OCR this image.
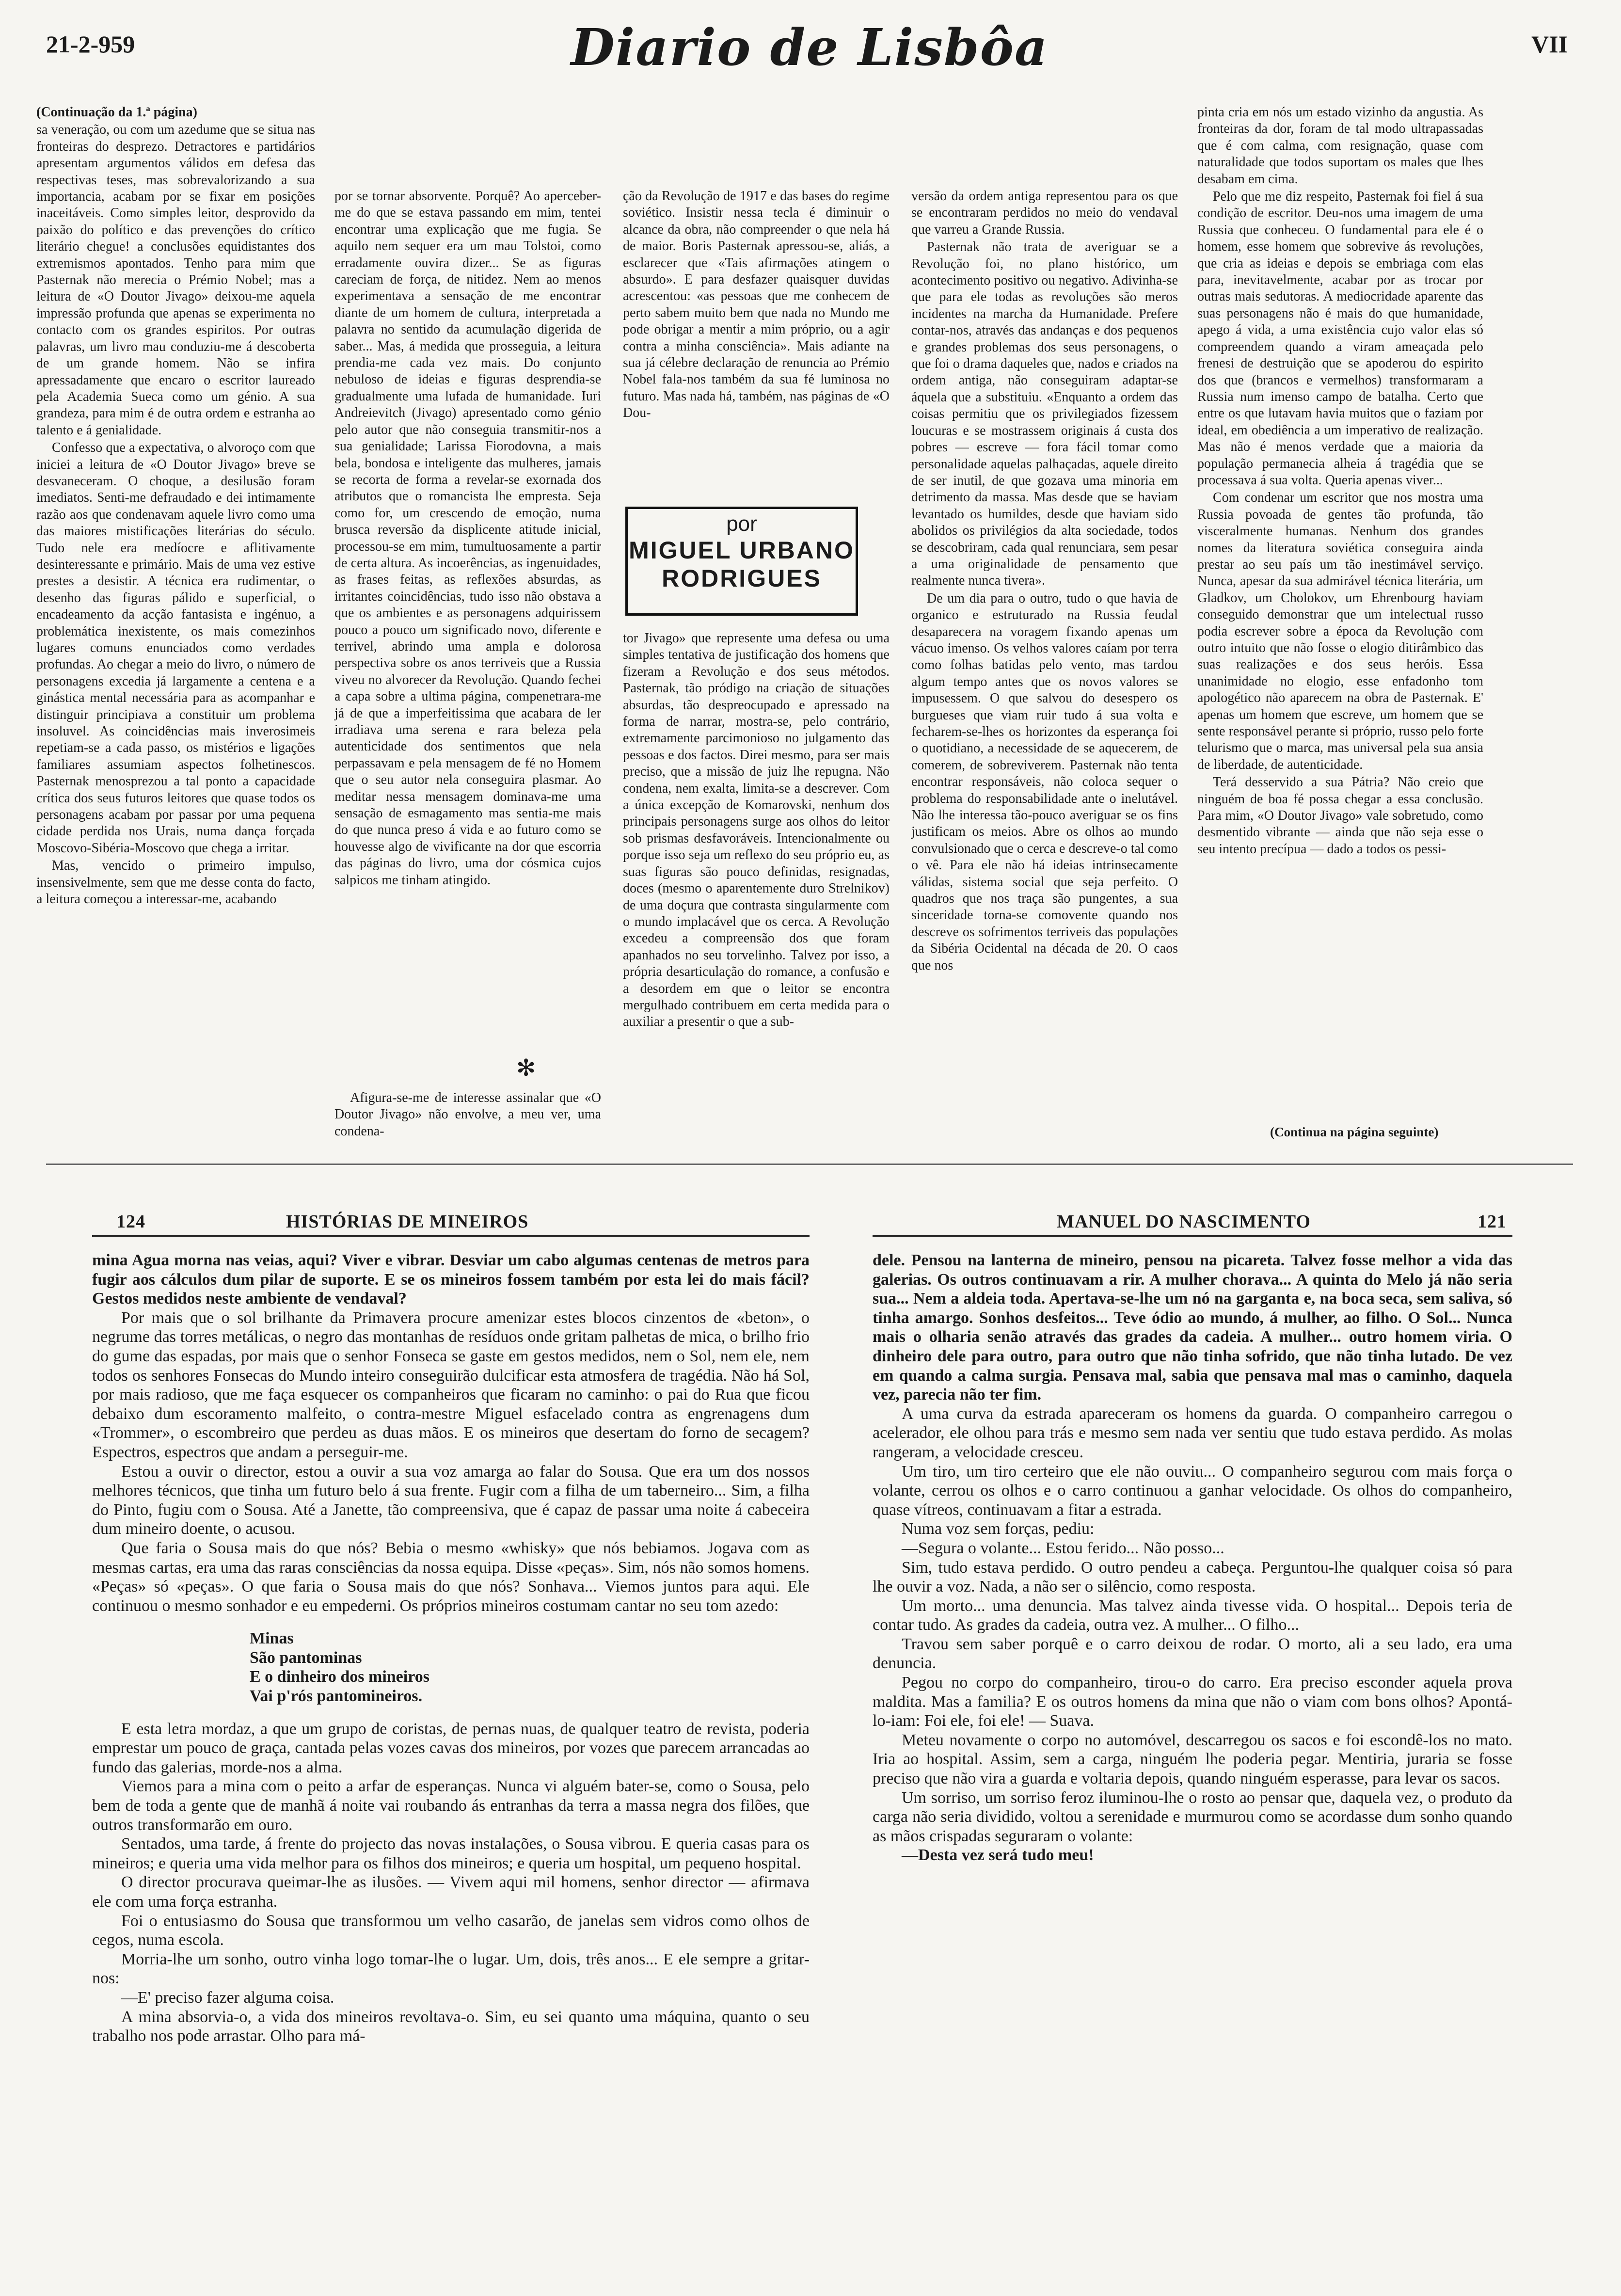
21-2-959	Diario de Lisbôa	VII

(Continuação da 1.ª página)

sa veneração, ou com um azedume que se situa nas fronteiras do desprezo. Detractores e partidários apresentam argumentos válidos em defesa das respectivas teses, mas sobrevalorizando a sua importancia, acabam por se fixar em posições inaceitáveis. Como simples leitor, desprovido da paixão do político e das prevenções do crítico literário chegue! a conclusões equidistantes dos extremismos apontados. Tenho para mim que Pasternak não merecia o Prémio Nobel; mas a leitura de «O Doutor Jivago» deixou-me aquela impressão profunda que apenas se experimenta no contacto com os grandes espiritos. Por outras palavras, um livro mau conduziu-me á descoberta de um grande homem. Não se infira apressadamente que encaro o escritor laureado pela Academia Sueca como um génio. A sua grandeza, para mim é de outra ordem e estranha ao talento e á genialidade.

Confesso que a expectativa, o alvoroço com que iniciei a leitura de «O Doutor Jivago» breve se desvaneceram. O choque, a desilusão foram imediatos. Senti-me defraudado e dei intimamente razão aos que condenavam aquele livro como uma das maiores mistificações literárias do século. Tudo nele era medíocre e aflitivamente desinteressante e primário. Mais de uma vez estive prestes a desistir. A técnica era rudimentar, o desenho das figuras pálido e superficial, o encadeamento da acção fantasista e ingénuo, a problemática inexistente, os mais comezinhos lugares comuns enunciados como verdades profundas. Ao chegar a meio do livro, o número de personagens excedia já largamente a centena e a ginástica mental necessária para as acompanhar e distinguir principiava a constituir um problema insoluvel. As coincidências mais inverosimeis repetiam-se a cada passo, os mistérios e ligações familiares assumiam aspectos folhetinescos. Pasternak menosprezou a tal ponto a capacidade crítica dos seus futuros leitores que quase todos os personagens acabam por passar por uma pequena cidade perdida nos Urais, numa dança forçada Moscovo-Sibéria-Moscovo que chega a irritar.

Mas, vencido o primeiro impulso, insensivelmente, sem que me desse conta do facto, a leitura começou a interessar-me, acabando

por se tornar absorvente. Porquê? Ao aperceber-me do que se estava passando em mim, tentei encontrar uma explicação que me fugia. Se aquilo nem sequer era um mau Tolstoi, como erradamente ouvira dizer... Se as figuras careciam de força, de nitidez. Nem ao menos experimentava a sensação de me encontrar diante de um homem de cultura, interpretada a palavra no sentido da acumulação digerida de saber... Mas, á medida que prosseguia, a leitura prendia-me cada vez mais. Do conjunto nebuloso de ideias e figuras desprendia-se gradualmente uma lufada de humanidade. Iuri Andreievitch (Jivago) apresentado como génio pelo autor que não conseguia transmitir-nos a sua genialidade; Larissa Fiorodovna, a mais bela, bondosa e inteligente das mulheres, jamais se recorta de forma a revelar-se exornada dos atributos que o romancista lhe empresta. Seja como for, um crescendo de emoção, numa brusca reversão da displicente atitude inicial, processou-se em mim, tumultuosamente a partir de certa altura. As incoerências, as ingenuidades, as frases feitas, as reflexões absurdas, as irritantes coincidências, tudo isso não obstava a que os ambientes e as personagens adquirissem pouco a pouco um significado novo, diferente e terrivel, abrindo uma ampla e dolorosa perspectiva sobre os anos terriveis que a Russia viveu no alvorecer da Revolução. Quando fechei a capa sobre a ultima página, compenetrara-me já de que a imperfeitissima que acabara de ler irradiava uma serena e rara beleza pela autenticidade dos sentimentos que nela perpassavam e pela mensagem de fé no Homem que o seu autor nela conseguira plasmar. Ao meditar nessa mensagem dominava-me uma sensação de esmagamento mas sentia-me mais do que nunca preso á vida e ao futuro como se houvesse algo de vivificante na dor que escorria das páginas do livro, uma dor cósmica cujos salpicos me tinham atingido.

✻

Afigura-se-me de interesse assinalar que «O Doutor Jivago» não envolve, a meu ver, uma condena-

ção da Revolução de 1917 e das bases do regime soviético. Insistir nessa tecla é diminuir o alcance da obra, não compreender o que nela há de maior. Boris Pasternak apressou-se, aliás, a esclarecer que «Tais afirmações atingem o absurdo». E para desfazer quaisquer duvidas acrescentou: «as pessoas que me conhecem de perto sabem muito bem que nada no Mundo me pode obrigar a mentir a mim próprio, ou a agir contra a minha consciência». Mais adiante na sua já célebre declaração de renuncia ao Prémio Nobel fala-nos também da sua fé luminosa no futuro. Mas nada há, também, nas páginas de «O Dou-

por
MIGUEL URBANO
RODRIGUES

tor Jivago» que represente uma defesa ou uma simples tentativa de justificação dos homens que fizeram a Revolução e dos seus métodos. Pasternak, tão pródigo na criação de situações absurdas, tão despreocupado e apressado na forma de narrar, mostra-se, pelo contrário, extremamente parcimonioso no julgamento das pessoas e dos factos. Direi mesmo, para ser mais preciso, que a missão de juiz lhe repugna. Não condena, nem exalta, limita-se a descrever. Com a única excepção de Komarovski, nenhum dos principais personagens surge aos olhos do leitor sob prismas desfavoráveis. Intencionalmente ou porque isso seja um reflexo do seu próprio eu, as suas figuras são pouco definidas, resignadas, doces (mesmo o aparentemente duro Strelnikov) de uma doçura que contrasta singularmente com o mundo implacável que os cerca. A Revolução excedeu a compreensão dos que foram apanhados no seu torvelinho. Talvez por isso, a própria desarticulação do romance, a confusão e a desordem em que o leitor se encontra mergulhado contribuem em certa medida para o auxiliar a presentir o que a sub-

versão da ordem antiga representou para os que se encontraram perdidos no meio do vendaval que varreu a Grande Russia.

Pasternak não trata de averiguar se a Revolução foi, no plano histórico, um acontecimento positivo ou negativo. Adivinha-se que para ele todas as revoluções são meros incidentes na marcha da Humanidade. Prefere contar-nos, através das andanças e dos pequenos e grandes problemas dos seus personagens, o que foi o drama daqueles que, nados e criados na ordem antiga, não conseguiram adaptar-se áquela que a substituiu. «Enquanto a ordem das coisas permitiu que os privilegiados fizessem loucuras e se mostrassem originais á custa dos pobres — escreve — fora fácil tomar como personalidade aquelas palhaçadas, aquele direito de ser inutil, de que gozava uma minoria em detrimento da massa. Mas desde que se haviam levantado os humildes, desde que haviam sido abolidos os privilégios da alta sociedade, todos se descobriram, cada qual renunciara, sem pesar a uma originalidade de pensamento que realmente nunca tivera».

De um dia para o outro, tudo o que havia de organico e estruturado na Russia feudal desaparecera na voragem fixando apenas um vácuo imenso. Os velhos valores caíam por terra como folhas batidas pelo vento, mas tardou algum tempo antes que os novos valores se impusessem. O que salvou do desespero os burgueses que viam ruir tudo á sua volta e fecharem-se-lhes os horizontes da esperança foi o quotidiano, a necessidade de se aquecerem, de comerem, de sobreviverem. Pasternak não tenta encontrar responsáveis, não coloca sequer o problema do responsabilidade ante o inelutável. Não lhe interessa tão-pouco averiguar se os fins justificam os meios. Abre os olhos ao mundo convulsionado que o cerca e descreve-o tal como o vê. Para ele não há ideias intrinsecamente válidas, sistema social que seja perfeito. O quadros que nos traça são pungentes, a sua sinceridade torna-se comovente quando nos descreve os sofrimentos terriveis das populações da Sibéria Ocidental na década de 20. O caos que nos

pinta cria em nós um estado vizinho da angustia. As fronteiras da dor, foram de tal modo ultrapassadas que é com calma, com resignação, quase com naturalidade que todos suportam os males que lhes desabam em cima.

Pelo que me diz respeito, Pasternak foi fiel á sua condição de escritor. Deu-nos uma imagem de uma Russia que conheceu. O fundamental para ele é o homem, esse homem que sobrevive ás revoluções, que cria as ideias e depois se embriaga com elas para, inevitavelmente, acabar por as trocar por outras mais sedutoras. A mediocridade aparente das suas personagens não é mais do que humanidade, apego á vida, a uma existência cujo valor elas só compreendem quando a viram ameaçada pelo frenesi de destruição que se apoderou do espirito dos que (brancos e vermelhos) transformaram a Russia num imenso campo de batalha. Certo que entre os que lutavam havia muitos que o faziam por ideal, em obediência a um imperativo de realização. Mas não é menos verdade que a maioria da população permanecia alheia á tragédia que se processava á sua volta. Queria apenas viver...

Com condenar um escritor que nos mostra uma Russia povoada de gentes tão profunda, tão visceralmente humanas. Nenhum dos grandes nomes da literatura soviética conseguira ainda prestar ao seu país um tão inestimável serviço. Nunca, apesar da sua admirável técnica literária, um Gladkov, um Cholokov, um Ehrenbourg haviam conseguido demonstrar que um intelectual russo podia escrever sobre a época da Revolução com outro intuito que não fosse o elogio ditirâmbico das suas realizações e dos seus heróis. Essa unanimidade no elogio, esse enfadonho tom apologético não aparecem na obra de Pasternak. E' apenas um homem que escreve, um homem que se sente responsável perante si próprio, russo pelo forte telurismo que o marca, mas universal pela sua ansia de liberdade, de autenticidade.

Terá desservido a sua Pátria? Não creio que ninguém de boa fé possa chegar a essa conclusão. Para mim, «O Doutor Jivago» vale sobretudo, como desmentido vibrante — ainda que não seja esse o seu intento precípua — dado a todos os pessi-

(Continua na página seguinte)
124	HISTÓRIAS DE MINEIROS	MANUEL DO NASCIMENTO	121

mina Agua morna nas veias, aqui? Viver e vibrar. Desviar um cabo algumas centenas de metros para fugir aos cálculos dum pilar de suporte. E se os mineiros fossem também por esta lei do mais fácil? Gestos medidos neste ambiente de vendaval?

Por mais que o sol brilhante da Primavera procure amenizar estes blocos cinzentos de «beton», o negrume das torres metálicas, o negro das montanhas de resíduos onde gritam palhetas de mica, o brilho frio do gume das espadas, por mais que o senhor Fonseca se gaste em gestos medidos, nem o Sol, nem ele, nem todos os senhores Fonsecas do Mundo inteiro conseguirão dulcificar esta atmosfera de tragédia. Não há Sol, por mais radioso, que me faça esquecer os companheiros que ficaram no caminho: o pai do Rua que ficou debaixo dum escoramento malfeito, o contra-mestre Miguel esfacelado contra as engrenagens dum «Trommer», o escombreiro que perdeu as duas mãos. E os mineiros que desertam do forno de secagem? Espectros, espectros que andam a perseguir-me.

Estou a ouvir o director, estou a ouvir a sua voz amarga ao falar do Sousa. Que era um dos nossos melhores técnicos, que tinha um futuro belo á sua frente. Fugir com a filha de um taberneiro... Sim, a filha do Pinto, fugiu com o Sousa. Até a Janette, tão compreensiva, que é capaz de passar uma noite á cabeceira dum mineiro doente, o acusou.

Que faria o Sousa mais do que nós? Bebia o mesmo «whisky» que nós bebiamos. Jogava com as mesmas cartas, era uma das raras consciências da nossa equipa. Disse «peças». Sim, nós não somos homens. «Peças» só «peças». O que faria o Sousa mais do que nós? Sonhava... Viemos juntos para aqui. Ele continuou o mesmo sonhador e eu empederni. Os próprios mineiros costumam cantar no seu tom azedo:

Minas
São pantominas
E o dinheiro dos mineiros
Vai p'rós pantomineiros.

E esta letra mordaz, a que um grupo de coristas, de pernas nuas, de qualquer teatro de revista, poderia emprestar um pouco de graça, cantada pelas vozes cavas dos mineiros, por vozes que parecem arrancadas ao fundo das galerias, morde-nos a alma.

Viemos para a mina com o peito a arfar de esperanças. Nunca vi alguém bater-se, como o Sousa, pelo bem de toda a gente que de manhã á noite vai roubando ás entranhas da terra a massa negra dos filões, que outros transformarão em ouro.

Sentados, uma tarde, á frente do projecto das novas instalações, o Sousa vibrou. E queria casas para os mineiros; e queria uma vida melhor para os filhos dos mineiros; e queria um hospital, um pequeno hospital.

O director procurava queimar-lhe as ilusões. — Vivem aqui mil homens, senhor director — afirmava ele com uma força estranha.

Foi o entusiasmo do Sousa que transformou um velho casarão, de janelas sem vidros como olhos de cegos, numa escola.

Morria-lhe um sonho, outro vinha logo tomar-lhe o lugar. Um, dois, três anos... E ele sempre a gritar-nos:

—E' preciso fazer alguma coisa.

A mina absorvia-o, a vida dos mineiros revoltava-o. Sim, eu sei quanto uma máquina, quanto o seu trabalho nos pode arrastar. Olho para má-

dele. Pensou na lanterna de mineiro, pensou na picareta. Talvez fosse melhor a vida das galerias. Os outros continuavam a rir. A mulher chorava... A quinta do Melo já não seria sua... Nem a aldeia toda. Apertava-se-lhe um nó na garganta e, na boca seca, sem saliva, só tinha amargo. Sonhos desfeitos... Teve ódio ao mundo, á mulher, ao filho. O Sol... Nunca mais o olharia senão através das grades da cadeia. A mulher... outro homem viria. O dinheiro dele para outro, para outro que não tinha sofrido, que não tinha lutado. De vez em quando a calma surgia. Pensava mal, sabia que pensava mal mas o caminho, daquela vez, parecia não ter fim.

A uma curva da estrada apareceram os homens da guarda. O companheiro carregou o acelerador, ele olhou para trás e mesmo sem nada ver sentiu que tudo estava perdido. As molas rangeram, a velocidade cresceu.

Um tiro, um tiro certeiro que ele não ouviu... O companheiro segurou com mais força o volante, cerrou os olhos e o carro continuou a ganhar velocidade. Os olhos do companheiro, quase vítreos, continuavam a fitar a estrada.

Numa voz sem forças, pediu:

—Segura o volante... Estou ferido... Não posso...

Sim, tudo estava perdido. O outro pendeu a cabeça. Perguntou-lhe qualquer coisa só para lhe ouvir a voz. Nada, a não ser o silêncio, como resposta.

Um morto... uma denuncia. Mas talvez ainda tivesse vida. O hospital... Depois teria de contar tudo. As grades da cadeia, outra vez. A mulher... O filho...

Travou sem saber porquê e o carro deixou de rodar. O morto, ali a seu lado, era uma denuncia.

Pegou no corpo do companheiro, tirou-o do carro. Era preciso esconder aquela prova maldita. Mas a familia? E os outros homens da mina que não o viam com bons olhos? Apontá-lo-iam: Foi ele, foi ele! — Suava.

Meteu novamente o corpo no automóvel, descarregou os sacos e foi escondê-los no mato. Iria ao hospital. Assim, sem a carga, ninguém lhe poderia pegar. Mentiria, juraria se fosse preciso que não vira a guarda e voltaria depois, quando ninguém esperasse, para levar os sacos.

Um sorriso, um sorriso feroz iluminou-lhe o rosto ao pensar que, daquela vez, o produto da carga não seria dividido, voltou a serenidade e murmurou como se acordasse dum sonho quando as mãos crispadas seguraram o volante:

—Desta vez será tudo meu!
